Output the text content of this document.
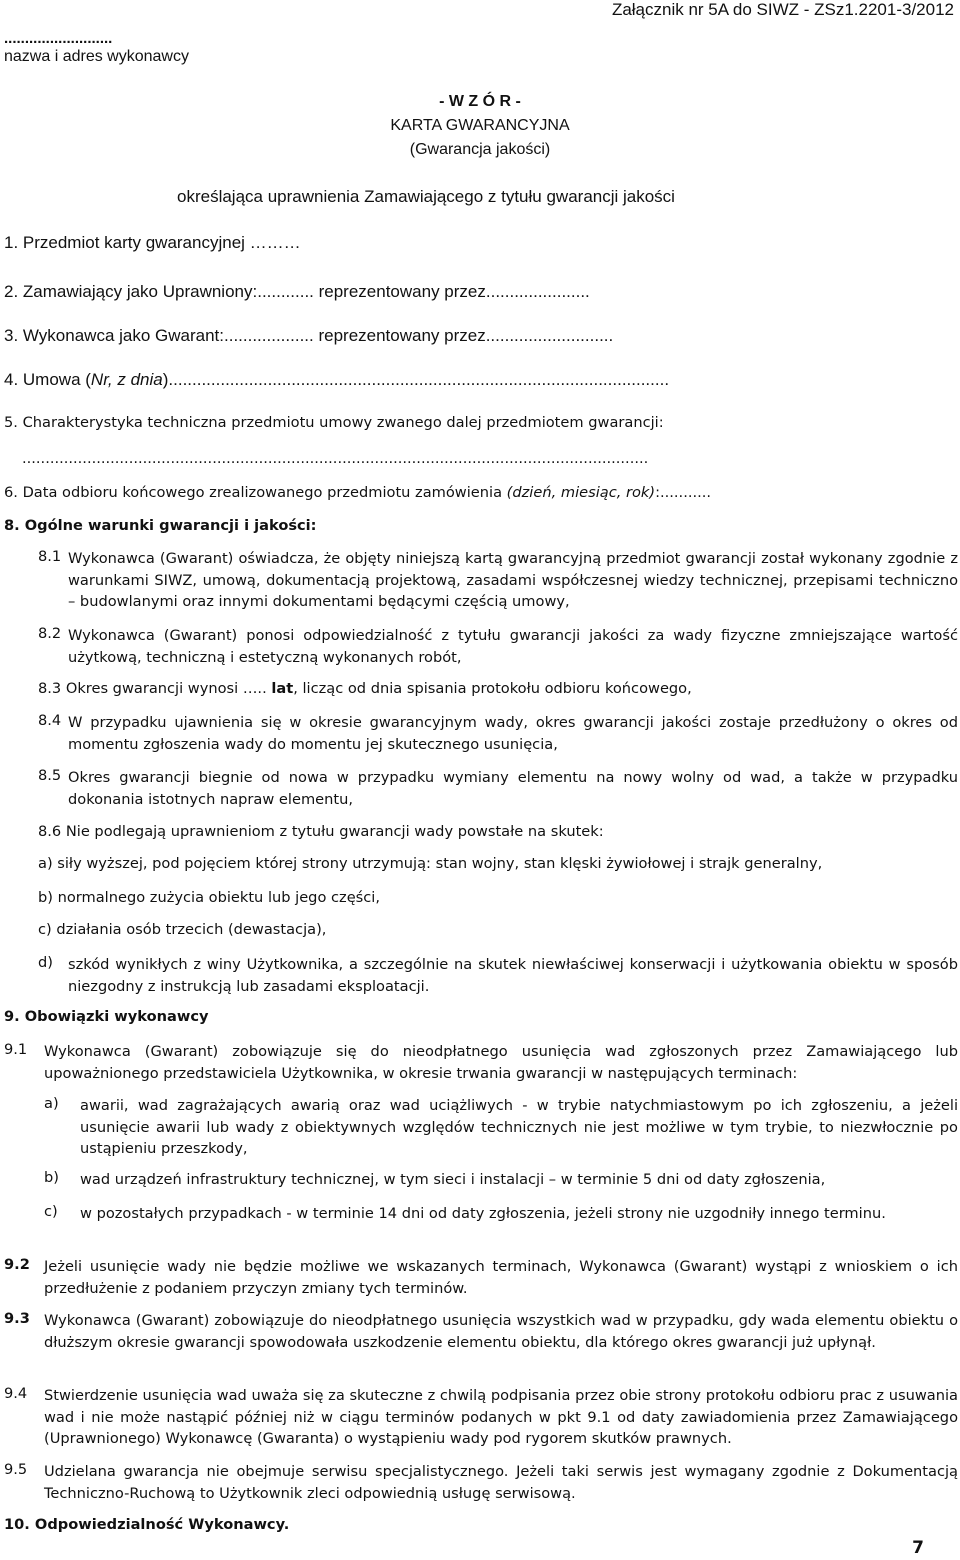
..........................
nazwa i adres wykonawcy
Załącznik nr 5A do SIWZ - ZSz1.2201-3/2012
- W Z Ó R -
KARTA GWARANCYJNA
(Gwarancja jakości)
określająca uprawnienia Zamawiającego z tytułu gwarancji jakości
1. Przedmiot karty gwarancyjnej ………
2. Zamawiający jako Uprawniony:............ reprezentowany przez......................
3. Wykonawca jako Gwarant:................... reprezentowany przez...........................
4. Umowa (Nr, z dnia)..........................................................................................................
5. Charakterystyka techniczna przedmiotu umowy zwanego dalej przedmiotem gwarancji:
.......................................................................................................................................
6. Data odbioru końcowego zrealizowanego przedmiotu zamówienia (dzień, miesiąc, rok):...........
8. Ogólne warunki gwarancji i jakości:
8.1 Wykonawca (Gwarant) oświadcza, że objęty niniejszą kartą gwarancyjną przedmiot gwarancji został wykonany zgodnie z warunkami SIWZ, umową, dokumentacją projektową, zasadami współczesnej wiedzy technicznej, przepisami techniczno – budowlanymi oraz innymi dokumentami będącymi częścią umowy,
8.2 Wykonawca (Gwarant) ponosi odpowiedzialność z tytułu gwarancji jakości za wady fizyczne zmniejszające wartość użytkową, techniczną i estetyczną wykonanych robót,
8.3 Okres gwarancji wynosi ….. lat, licząc od dnia spisania protokołu odbioru końcowego,
8.4 W przypadku ujawnienia się w okresie gwarancyjnym wady, okres gwarancji jakości zostaje przedłużony o okres od momentu zgłoszenia wady do momentu jej skutecznego usunięcia,
8.5 Okres gwarancji biegnie od nowa w przypadku wymiany elementu na nowy wolny od wad, a także w przypadku dokonania istotnych napraw elementu,
8.6 Nie podlegają uprawnieniom z tytułu gwarancji wady powstałe na skutek:
a) siły wyższej, pod pojęciem której strony utrzymują: stan wojny, stan klęski żywiołowej i strajk generalny,
b) normalnego zużycia obiektu lub jego części,
c) działania osób trzecich (dewastacja),
d) szkód wynikłych z winy Użytkownika, a szczególnie na skutek niewłaściwej konserwacji i użytkowania obiektu w sposób niezgodny z instrukcją lub zasadami eksploatacji.
9. Obowiązki wykonawcy
9.1 Wykonawca (Gwarant) zobowiązuje się do nieodpłatnego usunięcia wad zgłoszonych przez Zamawiającego lub upoważnionego przedstawiciela Użytkownika, w okresie trwania gwarancji w następujących terminach:
a) awarii, wad zagrażających awarią oraz wad uciążliwych - w trybie natychmiastowym po ich zgłoszeniu, a jeżeli usunięcie awarii lub wady z obiektywnych względów technicznych nie jest możliwe w tym trybie, to niezwłocznie po ustąpieniu przeszkody,
b) wad urządzeń infrastruktury technicznej, w tym sieci i instalacji – w terminie 5 dni od daty zgłoszenia,
c) w pozostałych przypadkach - w terminie 14 dni od daty zgłoszenia, jeżeli strony nie uzgodniły innego terminu.
9.2 Jeżeli usunięcie wady nie będzie możliwe we wskazanych terminach, Wykonawca (Gwarant) wystąpi z wnioskiem o ich przedłużenie z podaniem przyczyn zmiany tych terminów.
9.3 Wykonawca (Gwarant) zobowiązuje do nieodpłatnego usunięcia wszystkich wad w przypadku, gdy wada elementu obiektu o dłuższym okresie gwarancji spowodowała uszkodzenie elementu obiektu, dla którego okres gwarancji już upłynął.
9.4 Stwierdzenie usunięcia wad uważa się za skuteczne z chwilą podpisania przez obie strony protokołu odbioru prac z usuwania wad i nie może nastąpić później niż w ciągu terminów podanych w pkt 9.1 od daty zawiadomienia przez Zamawiającego (Uprawnionego) Wykonawcę (Gwaranta) o wystąpieniu wady pod rygorem skutków prawnych.
9.5 Udzielana gwarancja nie obejmuje serwisu specjalistycznego. Jeżeli taki serwis jest wymagany zgodnie z Dokumentacją Techniczno-Ruchową to Użytkownik zleci odpowiednią usługę serwisową.
10. Odpowiedzialność Wykonawcy.
7
